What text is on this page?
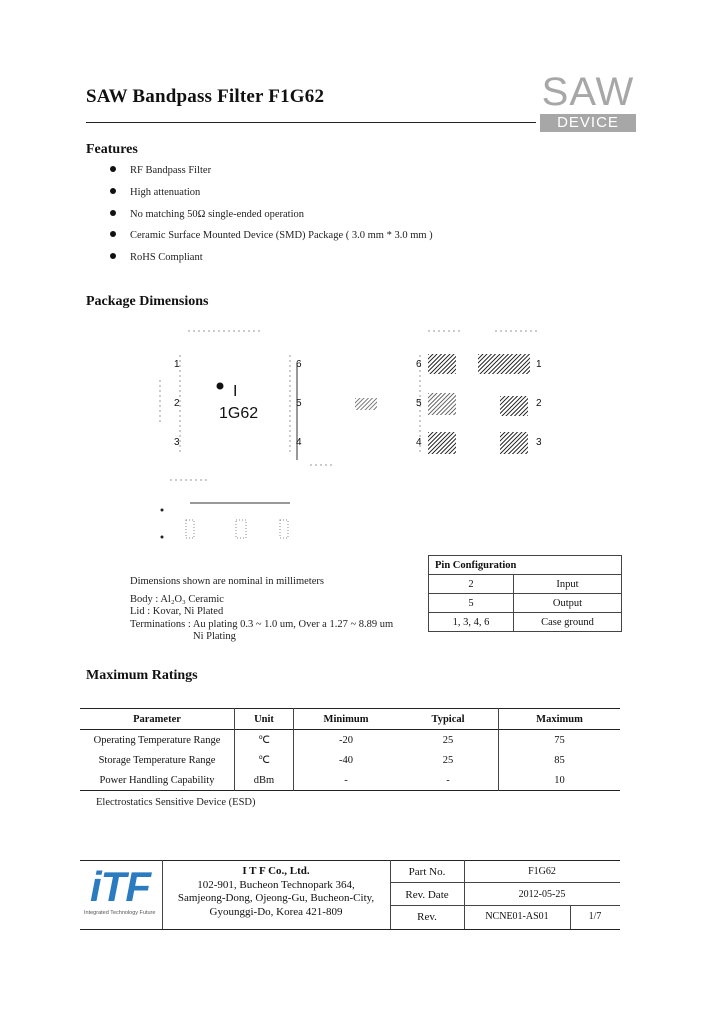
SAW Bandpass Filter F1G62	SAW
DEVICE
Features
RF Bandpass Filter
High attenuation
No matching 50Ω single-ended operation
Ceramic Surface Mounted Device (SMD) Package ( 3.0 mm * 3.0 mm )
RoHS Compliant
Package Dimensions
1
2
3
6
5
4
I
1G62
6
5
4
1
2
3
Dimensions shown are nominal in millimeters
Body : Al₂O₃ Ceramic
Lid : Kovar, Ni Plated
Terminations : Au plating 0.3 ~ 1.0 um, Over a 1.27 ~ 8.89 um
Ni Plating
Pin Configuration	
2	Input
5	Output
1, 3, 4, 6	Case ground
Maximum Ratings
Parameter	Unit	Minimum	Typical	Maximum
Operating Temperature Range	℃	-20	25	75
Storage Temperature Range	℃	-40	25	85
Power Handling Capability	dBm	-	-	10
Electrostatics Sensitive Device (ESD)
iTF
Integrated Technology Future
I T F Co., Ltd.
102-901, Bucheon Technopark 364,
Samjeong-Dong, Ojeong-Gu, Bucheon-City,
Gyounggi-Do, Korea 421-809
Part No.	F1G62
Rev. Date	2012-05-25
Rev.	NCNE01-AS01	1/7
